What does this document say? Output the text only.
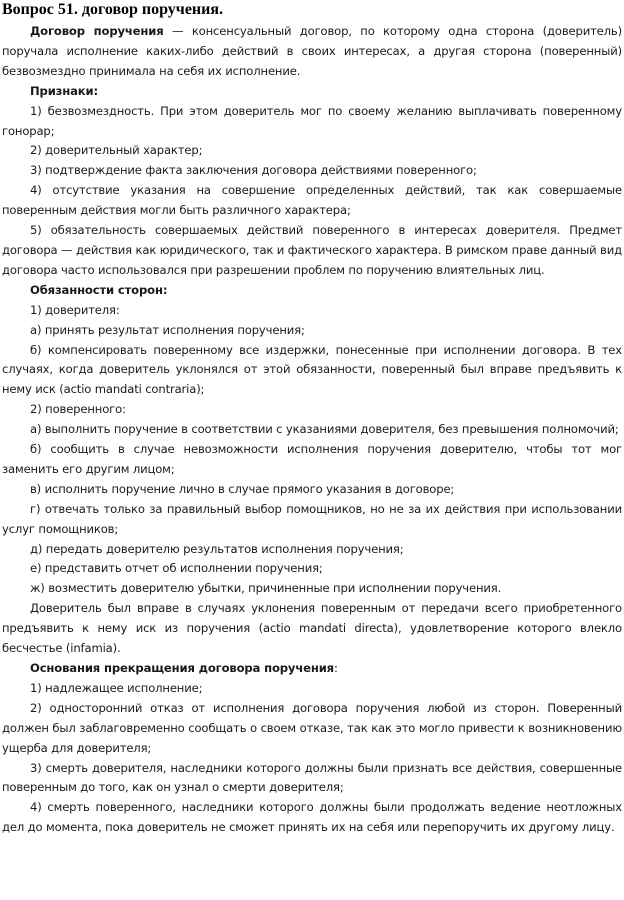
Вопрос 51. договор поручения.

Договор поручения — консенсуальный договор, по которому одна сторона (доверитель) поручала исполнение каких-либо действий в своих интересах, а другая сторона (поверенный) безвозмездно принимала на себя их исполнение.

Признаки:

1) безвозмездность. При этом доверитель мог по своему желанию выплачивать поверенному гонорар;

2) доверительный характер;

3) подтверждение факта заключения договора действиями поверенного;

4) отсутствие указания на совершение определенных действий, так как совершаемые поверенным действия могли быть различного характера;

5) обязательность совершаемых действий поверенного в интересах доверителя. Предмет договора — действия как юридического, так и фактического характера. В римском праве данный вид договора часто использовался при разрешении проблем по поручению влиятельных лиц.

Обязанности сторон:

1) доверителя:

а) принять результат исполнения поручения;

б) компенсировать поверенному все издержки, понесенные при исполнении договора. В тех случаях, когда доверитель уклонялся от этой обязанности, поверенный был вправе предъявить к нему иск (actio mandati contraria);

2) поверенного:

а) выполнить поручение в соответствии с указаниями доверителя, без превышения полномочий;

б) сообщить в случае невозможности исполнения поручения доверителю, чтобы тот мог заменить его другим лицом;

в) исполнить поручение лично в случае прямого указания в договоре;

г) отвечать только за правильный выбор помощников, но не за их действия при использовании услуг помощников;

д) передать доверителю результатов исполнения поручения;

е) представить отчет об исполнении поручения;

ж) возместить доверителю убытки, причиненные при исполнении поручения.

Доверитель был вправе в случаях уклонения поверенным от передачи всего приобретенного предъявить к нему иск из поручения (actio mandati directa), удовлетворение которого влекло бесчестье (infamia).

Основания прекращения договора поручения:

1) надлежащее исполнение;

2) односторонний отказ от исполнения договора поручения любой из сторон. Поверенный должен был заблаговременно сообщать о своем отказе, так как это могло привести к возникновению ущерба для доверителя;

3) смерть доверителя, наследники которого должны были признать все действия, совершенные поверенным до того, как он узнал о смерти доверителя;

4) смерть поверенного, наследники которого должны были продолжать ведение неотложных дел до момента, пока доверитель не сможет принять их на себя или перепоручить их другому лицу.
